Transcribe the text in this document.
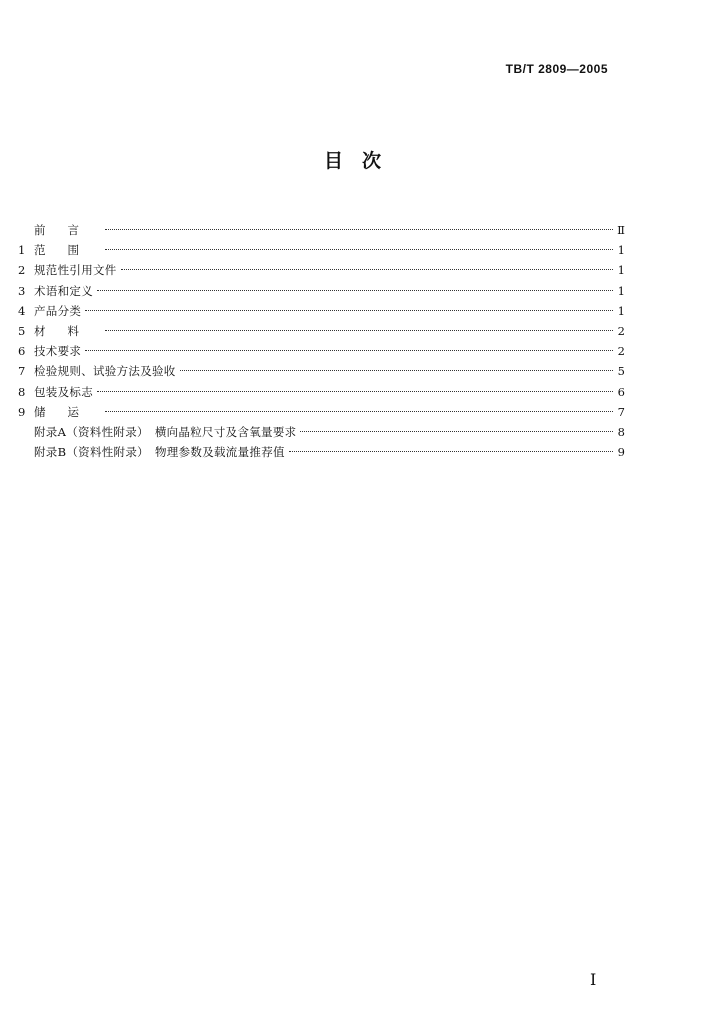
TB/T 2809—2005
目　次
前言	Ⅱ
1 范围	1
2 规范性引用文件	1
3 术语和定义	1
4 产品分类	1
5 材料	2
6 技术要求	2
7 检验规则、试验方法及验收	5
8 包装及标志	6
9 储运	7
附录A（资料性附录）　横向晶粒尺寸及含氧量要求	8
附录B（资料性附录）　物理参数及载流量推荐值	9
I
